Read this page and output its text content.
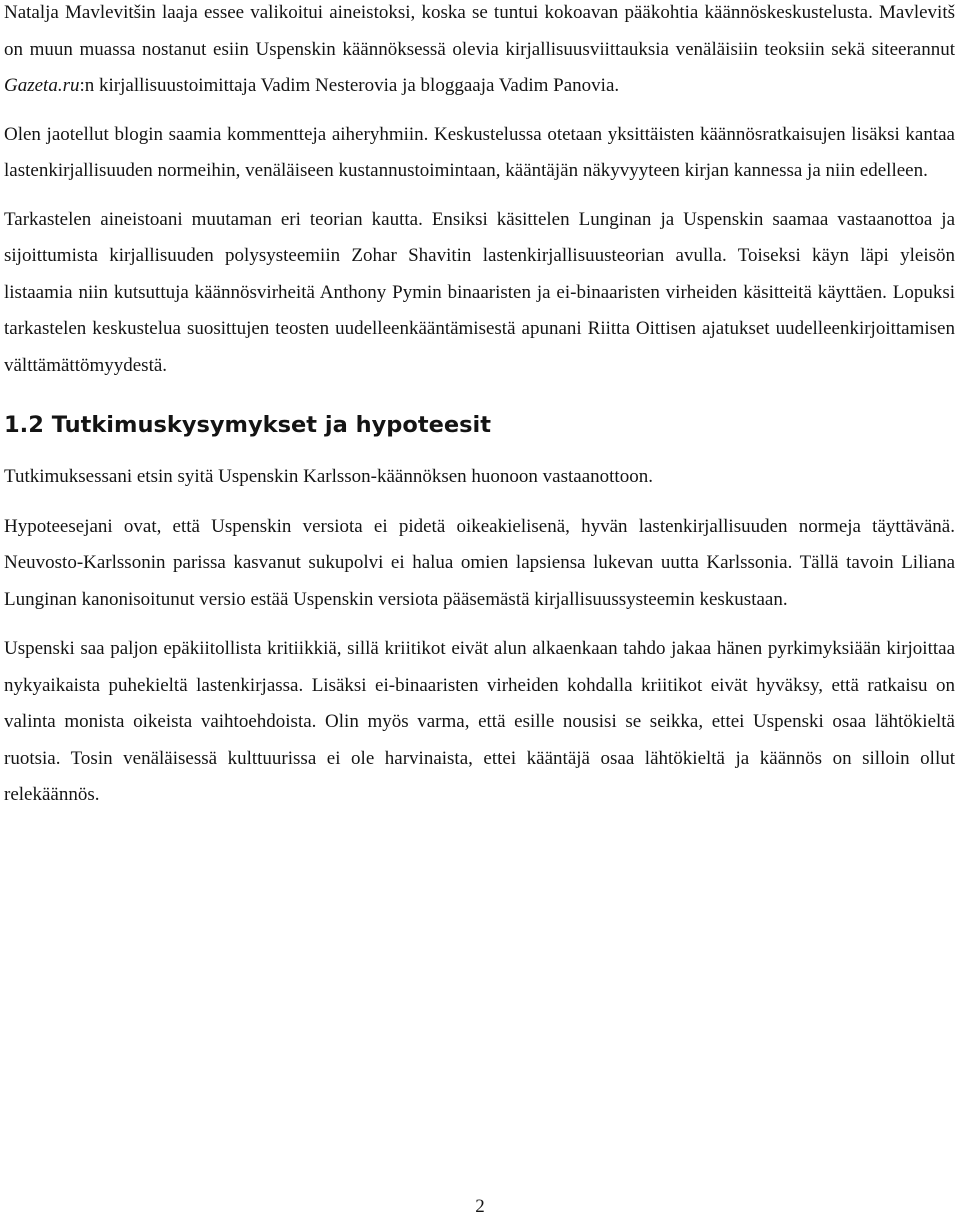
Natalja Mavlevitšin laaja essee valikoitui aineistoksi, koska se tuntui kokoavan pääkohtia käännöskeskustelusta. Mavlevitš on muun muassa nostanut esiin Uspenskin käännöksessä olevia kirjallisuusviittauksia venäläisiin teoksiin sekä siteerannut Gazeta.ru:n kirjallisuustoimittaja Vadim Nesterovia ja bloggaaja Vadim Panovia.

Olen jaotellut blogin saamia kommentteja aiheryhmiin. Keskustelussa otetaan yksittäisten käännösratkaisujen lisäksi kantaa lastenkirjallisuuden normeihin, venäläiseen kustannustoimintaan, kääntäjän näkyvyyteen kirjan kannessa ja niin edelleen.

Tarkastelen aineistoani muutaman eri teorian kautta. Ensiksi käsittelen Lunginan ja Uspenskin saamaa vastaanottoa ja sijoittumista kirjallisuuden polysysteemiin Zohar Shavitin lastenkirjallisuusteorian avulla. Toiseksi käyn läpi yleisön listaamia niin kutsuttuja käännösvirheitä Anthony Pymin binaaristen ja ei-binaaristen virheiden käsitteitä käyttäen. Lopuksi tarkastelen keskustelua suosittujen teosten uudelleenkääntämisestä apunani Riitta Oittisen ajatukset uudelleenkirjoittamisen välttämättömyydestä.

1.2 Tutkimuskysymykset ja hypoteesit

Tutkimuksessani etsin syitä Uspenskin Karlsson-käännöksen huonoon vastaanottoon.

Hypoteesejani ovat, että Uspenskin versiota ei pidetä oikeakielisenä, hyvän lastenkirjallisuuden normeja täyttävänä. Neuvosto-Karlssonin parissa kasvanut sukupolvi ei halua omien lapsiensa lukevan uutta Karlssonia. Tällä tavoin Liliana Lunginan kanonisoitunut versio estää Uspenskin versiota pääsemästä kirjallisuussysteemin keskustaan.

Uspenski saa paljon epäkiitollista kritiikkiä, sillä kriitikot eivät alun alkaenkaan tahdo jakaa hänen pyrkimyksiään kirjoittaa nykyaikaista puhekieltä lastenkirjassa. Lisäksi ei-binaaristen virheiden kohdalla kriitikot eivät hyväksy, että ratkaisu on valinta monista oikeista vaihtoehdoista. Olin myös varma, että esille nousisi se seikka, ettei Uspenski osaa lähtökieltä ruotsia. Tosin venäläisessä kulttuurissa ei ole harvinaista, ettei kääntäjä osaa lähtökieltä ja käännös on silloin ollut relekäännös.

2
